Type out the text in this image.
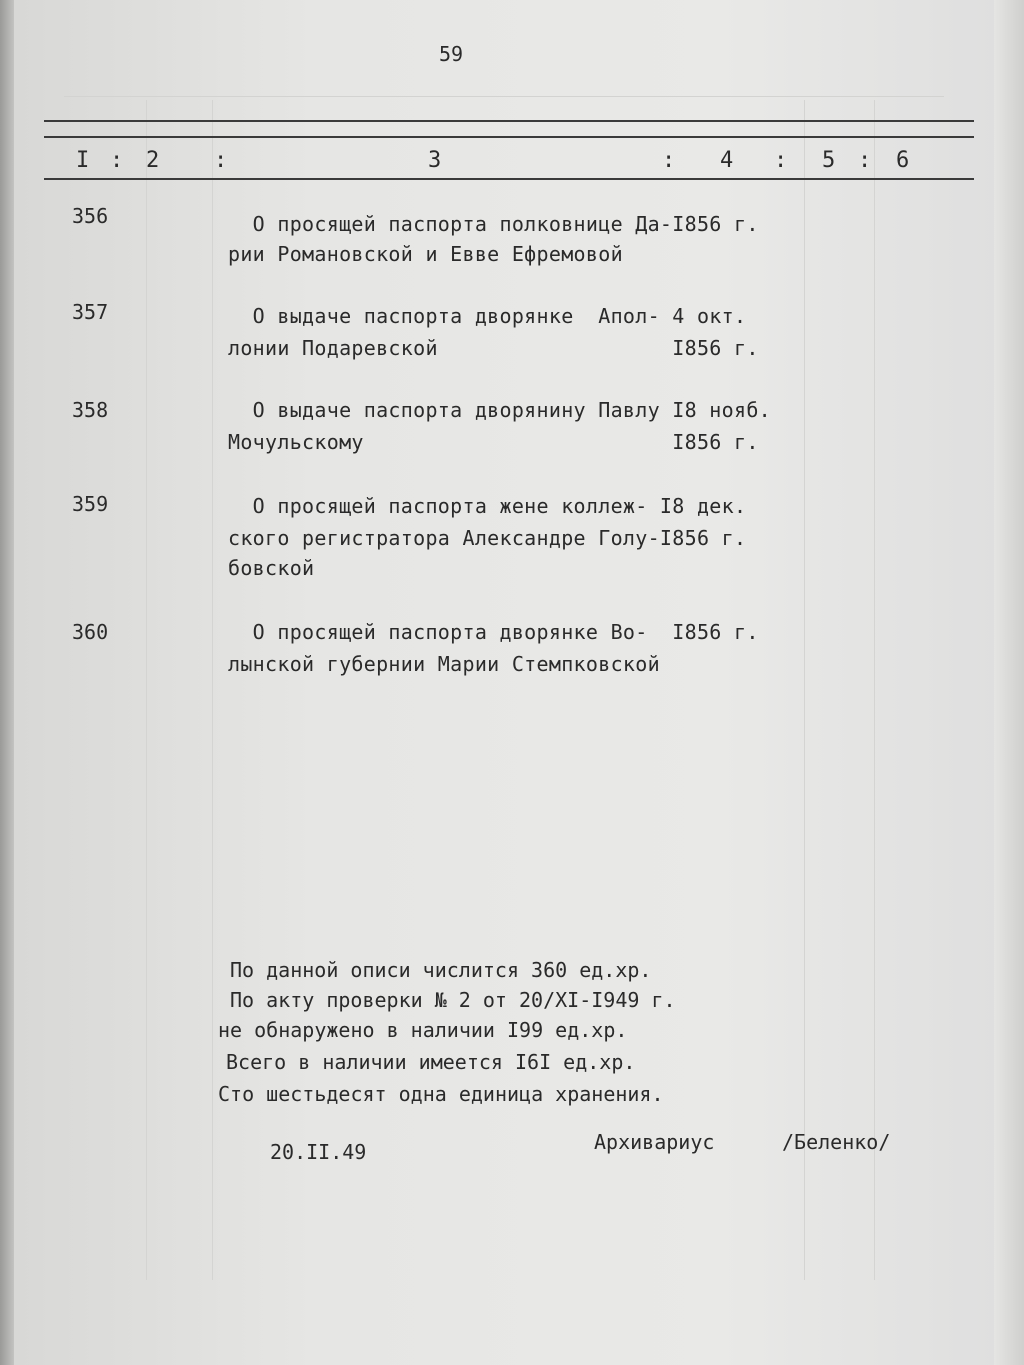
59
I : 2 :	3	: 4 : 5 : 6
356	О просящей паспорта полковнице Да-I856 г.
рии Романовской и Евве Ефремовой
357	О выдаче паспорта дворянке  Апол- 4 окт.
лонии Подаревской                   I856 г.
358	О выдаче паспорта дворянину Павлу I8 нояб.
Мочульскому                         I856 г.
359	О просящей паспорта жене коллеж- I8 дек.
ского регистратора Александре Голу-I856 г.
бовской
360	О просящей паспорта дворянке Во-  I856 г.
лынской губернии Марии Стемпковской
По данной описи числится 360 ед.хр.
По акту проверки № 2 от 20/XI-I949 г.
не обнаружено в наличии I99 ед.хр.
Всего в наличии имеется I6I ед.хр.
Сто шестьдесят одна единица хранения.
20.II.49	Архивариус	/Беленко/
